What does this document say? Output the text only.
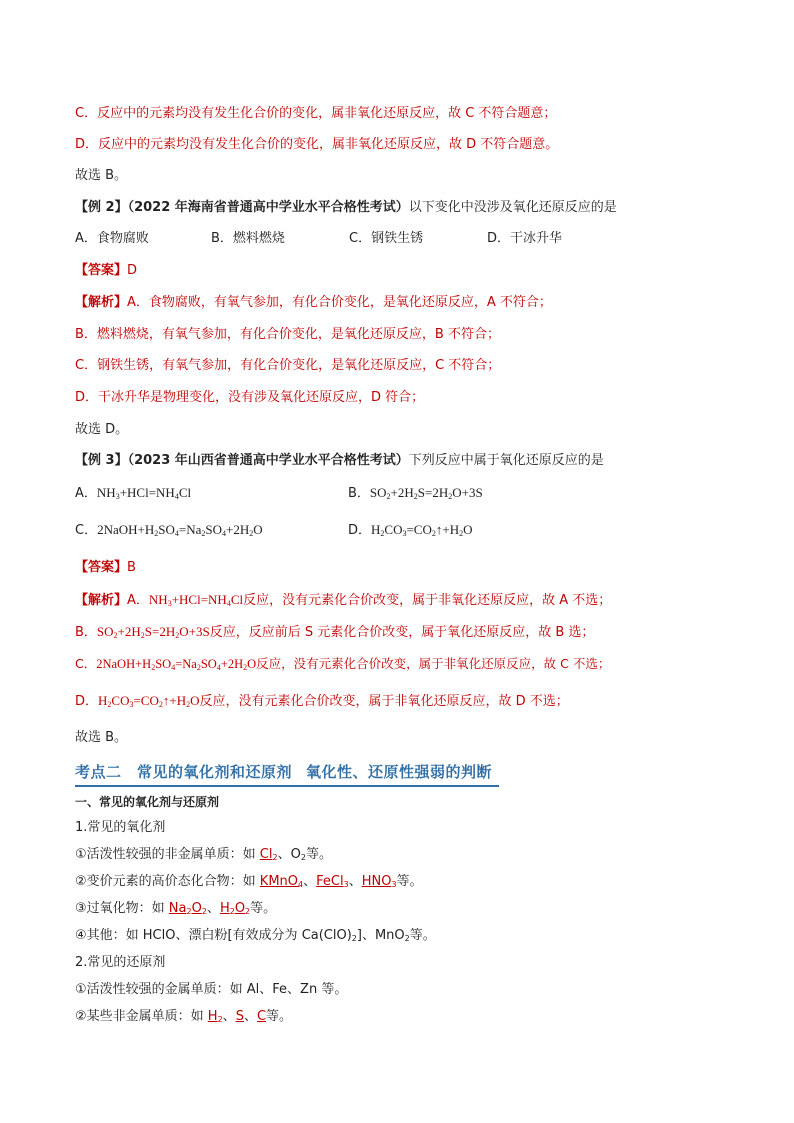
C．反应中的元素均没有发生化合价的变化，属非氧化还原反应，故 C 不符合题意；
D．反应中的元素均没有发生化合价的变化，属非氧化还原反应，故 D 不符合题意。
故选 B。
【例 2】（2022 年海南省普通高中学业水平合格性考试）以下变化中没涉及氧化还原反应的是
A．食物腐败	B．燃料燃烧	C．钢铁生锈	D．干冰升华
【答案】D
【解析】A．食物腐败，有氧气参加，有化合价变化，是氧化还原反应，A 不符合；
B．燃料燃烧，有氧气参加，有化合价变化，是氧化还原反应，B 不符合；
C．钢铁生锈，有氧气参加，有化合价变化，是氧化还原反应，C 不符合；
D．干冰升华是物理变化，没有涉及氧化还原反应，D 符合；
故选 D。
【例 3】（2023 年山西省普通高中学业水平合格性考试）下列反应中属于氧化还原反应的是
A．$NH_3+HCl=NH_4Cl$	B．$SO_2+2H_2S=2H_2O+3S$
C．$2NaOH+H_2SO_4=Na_2SO_4+2H_2O$	D．$H_2CO_3=CO_2↑+H_2O$
【答案】B
【解析】A．$NH_3+HCl=NH_4Cl$反应，没有元素化合价改变，属于非氧化还原反应，故 A 不选；
B．$SO_2+2H_2S=2H_2O+3S$反应，反应前后 S 元素化合价改变，属于氧化还原反应，故 B 选；
C．$2NaOH+H_2SO_4=Na_2SO_4+2H_2O$反应，没有元素化合价改变，属于非氧化还原反应，故 C 不选；
D．$H_2CO_3=CO_2↑+H_2O$反应，没有元素化合价改变，属于非氧化还原反应，故 D 不选；
故选 B。
考点二　常见的氧化剂和还原剂 氧化性、还原性强弱的判断
一、常见的氧化剂与还原剂
1.常见的氧化剂
①活泼性较强的非金属单质：如 $Cl_2$、$O_2$等。
②变价元素的高价态化合物：如 KMnO$_4$、FeCl$_3$、$HNO_3$等。
③过氧化物：如 $Na_2O_2$、$H_2O_2$等。
④其他：如 HClO、漂白粉[有效成分为 $Ca(ClO)_2$]、MnO$_2$等。
2.常见的还原剂
①活泼性较强的金属单质：如 Al、Fe、Zn 等。
②某些非金属单质：如 $H_2$、S、C等。
